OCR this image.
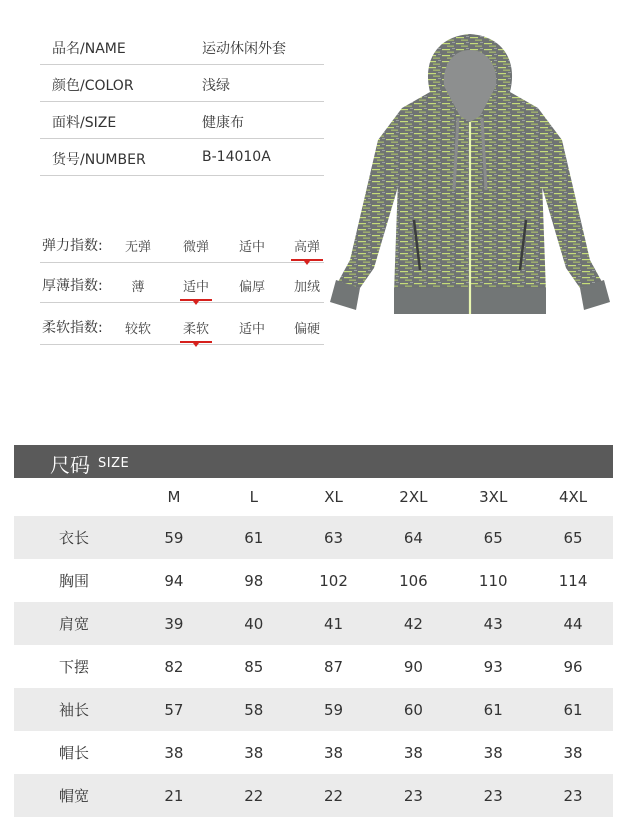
品名/NAME	运动休闲外套
颜色/COLOR	浅绿
面料/SIZE	健康布
货号/NUMBER	B-14010A
弹力指数:	无弹	微弹	适中	高弹
厚薄指数:	薄	适中	偏厚	加绒
柔软指数:	较软	柔软	适中	偏硬
尺码 SIZE
	M	L	XL	2XL	3XL	4XL
衣长	59	61	63	64	65	65
胸围	94	98	102	106	110	114
肩宽	39	40	41	42	43	44
下摆	82	85	87	90	93	96
袖长	57	58	59	60	61	61
帽长	38	38	38	38	38	38
帽宽	21	22	22	23	23	23
